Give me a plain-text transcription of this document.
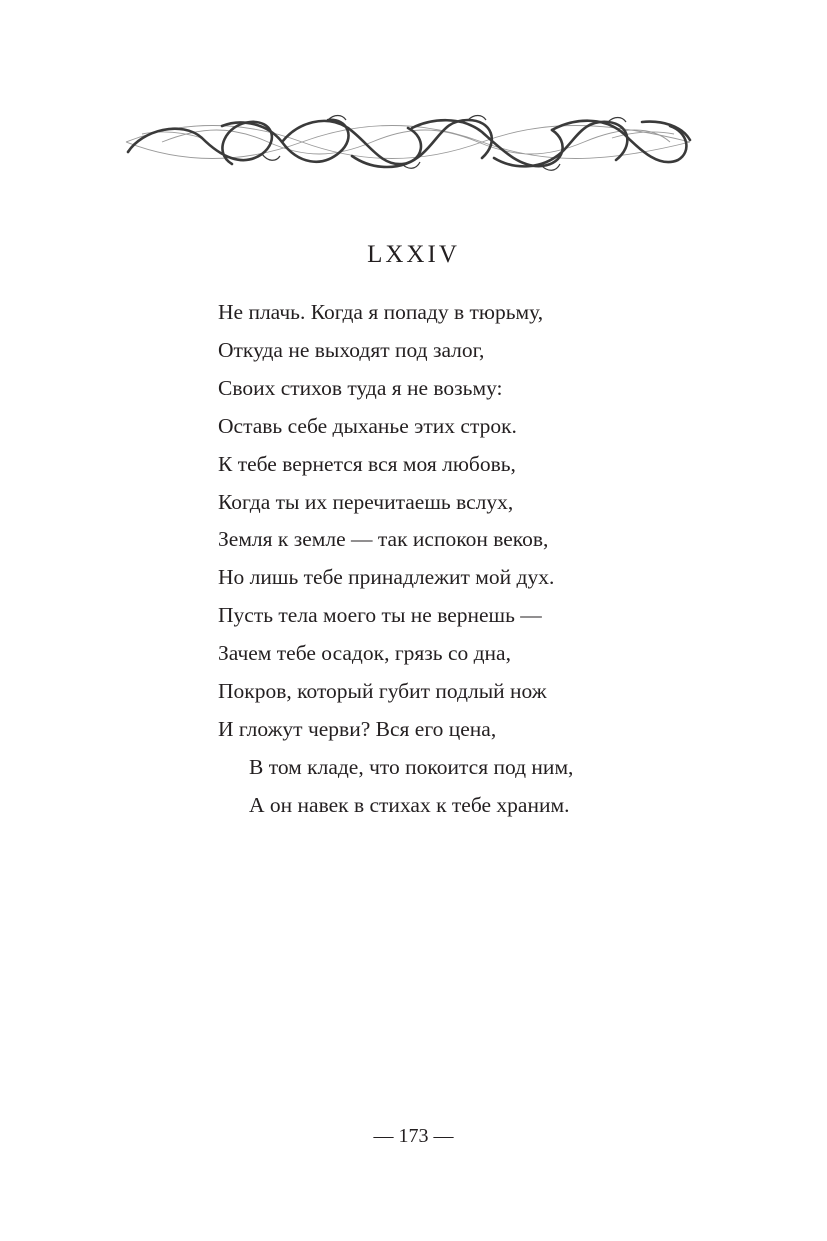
LXXIV
Не плачь. Когда я попаду в тюрьму,
Откуда не выходят под залог,
Своих стихов туда я не возьму:
Оставь себе дыханье этих строк.
К тебе вернется вся моя любовь,
Когда ты их перечитаешь вслух,
Земля к земле — так испокон веков,
Но лишь тебе принадлежит мой дух.
Пусть тела моего ты не вернешь —
Зачем тебе осадок, грязь со дна,
Покров, который губит подлый нож
И гложут черви? Вся его цена,
В том кладе, что покоится под ним,
А он навек в стихах к тебе храним.
— 173 —
